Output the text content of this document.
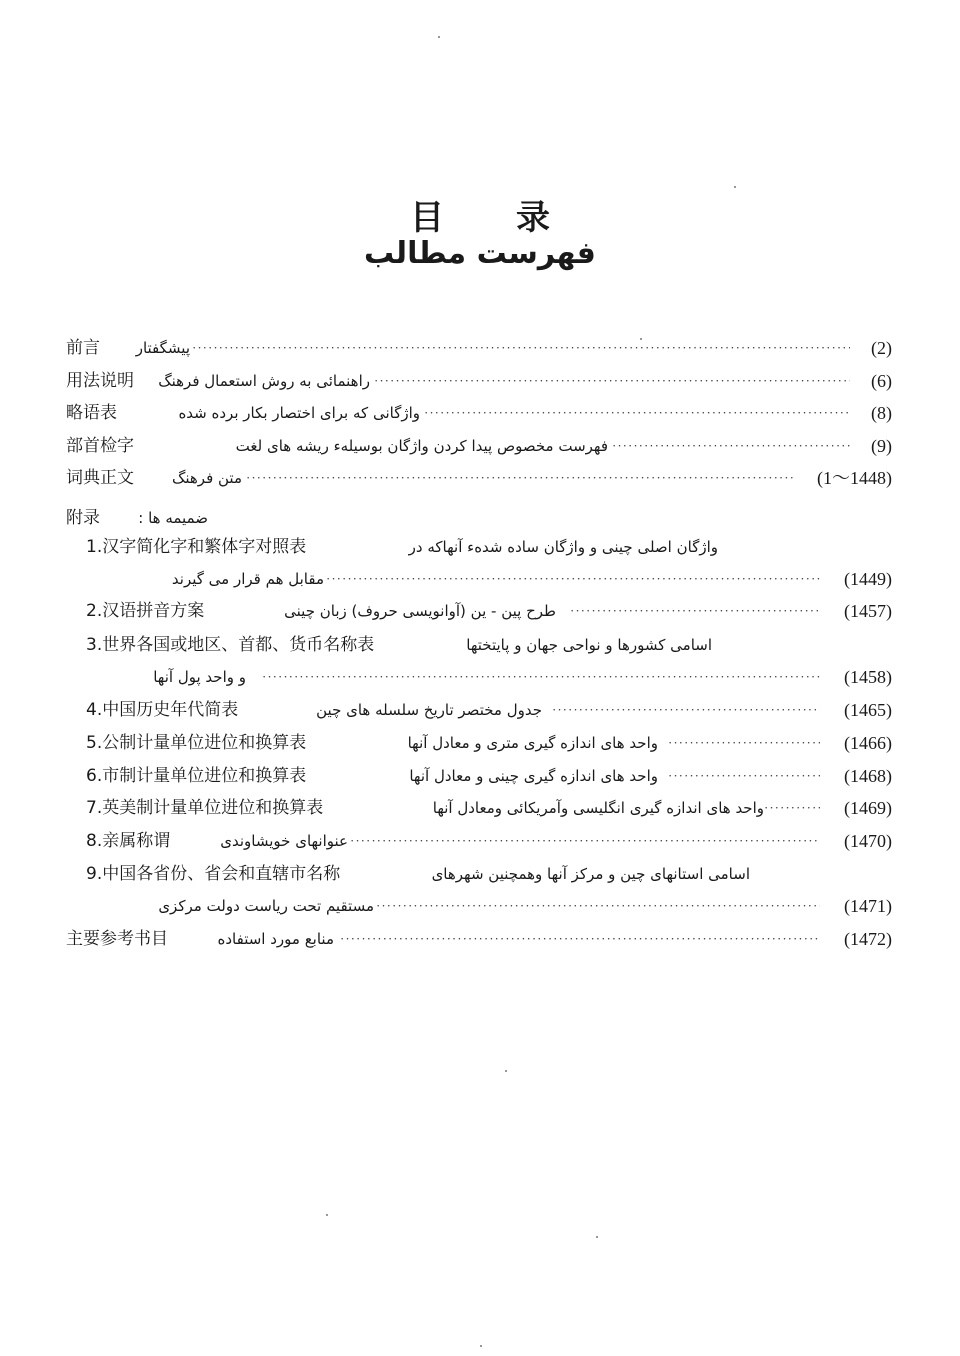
目 录
فهرست مطالب
前言 پیشگفتار ·····	(2)
用法说明 راهنمائی به روش استعمال فرهنگ ·····	(6)
略语表	واژگانی که برای اختصار بکار برده شده ·····	(8)
部首检字	فهرست مخصوص پیدا کردن واژگان بوسیلهء ریشه های لغت ·····	(9)
词典正文	متن فرهنگ ·····	(1～1448)
附录	ضمیمه ها :
1.汉字简化字和繁体字对照表	واژگان اصلی چینی و واژگان ساده شدهء آنهاکه در
مقابل هم قرار می گیرند ·····	(1449)
2.汉语拼音方案 ·····	طرح پین - ین (آوانویسی حروف) زبان چینی	(1457)
3.世界各国或地区、首都、货币名称表	اسامی کشورها و نواحی جهان و پایتختها
و واحد پول آنها ·····	(1458)
4.中国历史年代简表	جدول مختصر تاریخ سلسله های چین ·····	(1465)
5.公制计量单位进位和换算表	واحد های اندازه گیری متری و معادل آنها ·····	(1466)
6.市制计量单位进位和换算表	واحد های اندازه گیری چینی و معادل آنها ·····	(1468)
7.英美制计量单位进位和换算表	واحد های اندازه گیری انگلیسی وآمریکائی ومعادل آنها ·····	(1469)
8.亲属称谓	عنوانهای خویشاوندی ·····	(1470)
9.中国各省份、省会和直辖市名称	اسامی استانهای چین و مرکز آنها وهمچنین شهرهای
مستقیم تحت ریاست دولت مرکزی ·····	(1471)
主要参考书目	منابع مورد استفاده ·····	(1472)
